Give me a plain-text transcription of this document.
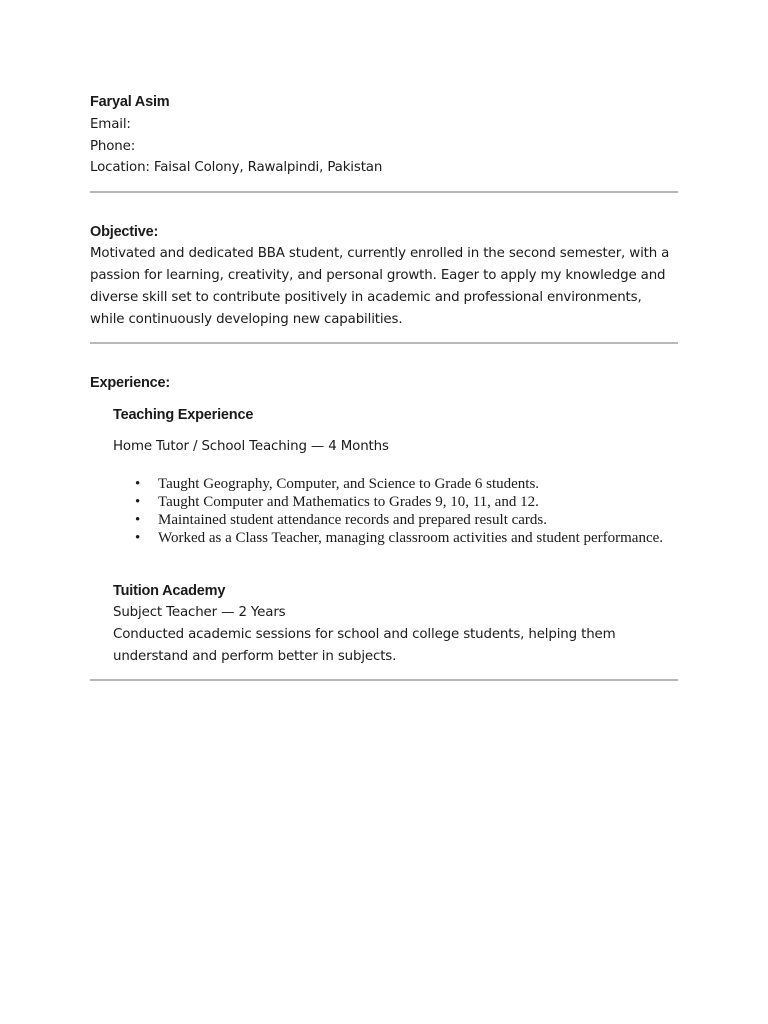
Faryal Asim
Email:
Phone:
Location: Faisal Colony, Rawalpindi, Pakistan
Objective:
Motivated and dedicated BBA student, currently enrolled in the second semester, with a passion for learning, creativity, and personal growth. Eager to apply my knowledge and diverse skill set to contribute positively in academic and professional environments, while continuously developing new capabilities.
Experience:
Teaching Experience
Home Tutor / School Teaching — 4 Months
• Taught Geography, Computer, and Science to Grade 6 students.
• Taught Computer and Mathematics to Grades 9, 10, 11, and 12.
• Maintained student attendance records and prepared result cards.
• Worked as a Class Teacher, managing classroom activities and student performance.
Tuition Academy
Subject Teacher — 2 Years
Conducted academic sessions for school and college students, helping them understand and perform better in subjects.
